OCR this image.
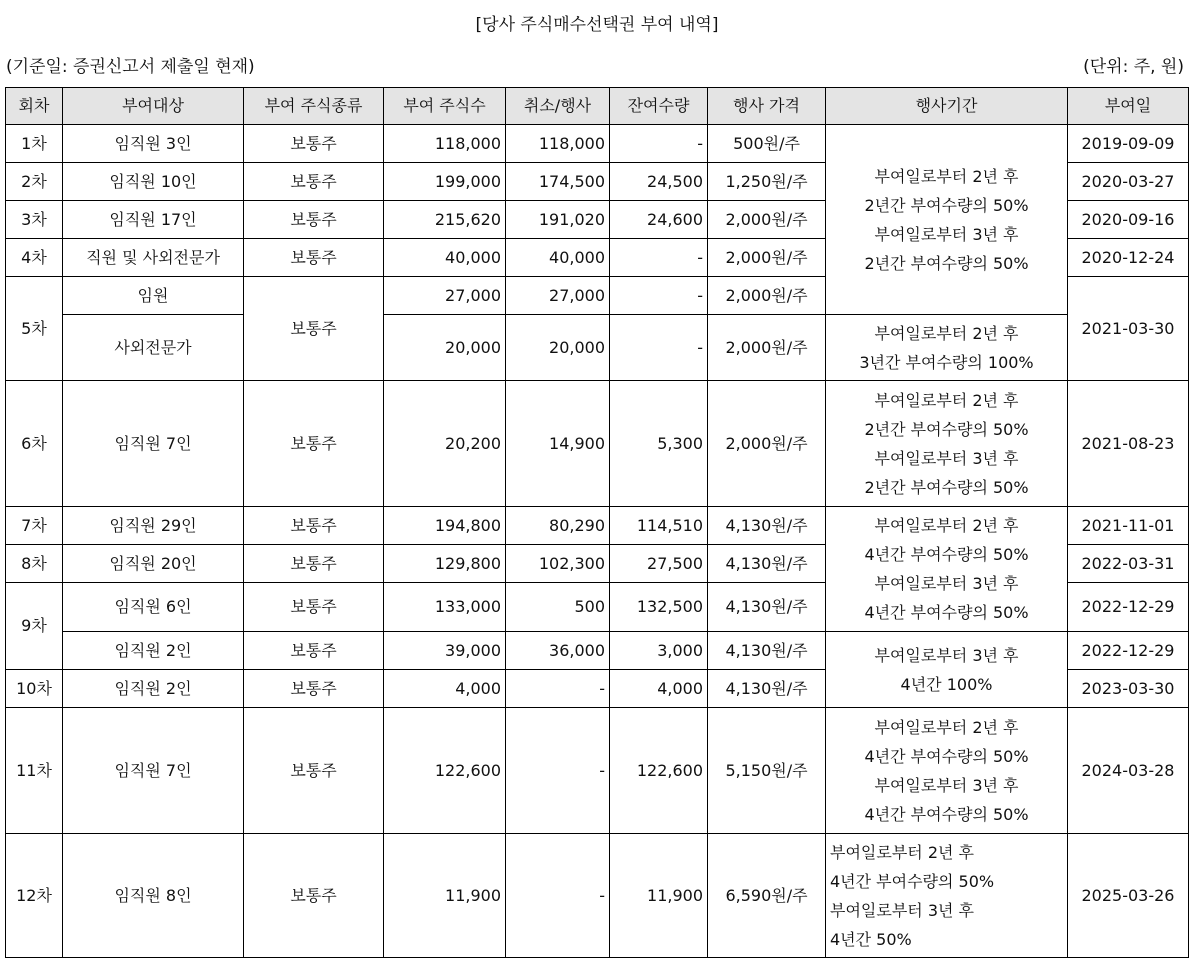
[당사 주식매수선택권 부여 내역]
(기준일: 증권신고서 제출일 현재)	(단위: 주, 원)
회차	부여대상	부여 주식종류	부여 주식수	취소/행사	잔여수량	행사 가격	행사기간	부여일
1차	임직원 3인	보통주	118,000	118,000	-	500원/주	부여일로부터 2년 후
2년간 부여수량의 50%
부여일로부터 3년 후
2년간 부여수량의 50%	2019-09-09
2차	임직원 10인	보통주	199,000	174,500	24,500	1,250원/주		2020-03-27
3차	임직원 17인	보통주	215,620	191,020	24,600	2,000원/주		2020-09-16
4차	직원 및 사외전문가	보통주	40,000	40,000	-	2,000원/주		2020-12-24
5차	임원	보통주	27,000	27,000	-	2,000원/주		2021-03-30
	사외전문가		20,000	20,000	-	2,000원/주	부여일로부터 2년 후
3년간 부여수량의 100%	

6차	임직원 7인	보통주	20,200	14,900	5,300	2,000원/주	부여일로부터 2년 후
2년간 부여수량의 50%
부여일로부터 3년 후
2년간 부여수량의 50%	2021-08-23
7차	임직원 29인	보통주	194,800	80,290	114,510	4,130원/주	부여일로부터 2년 후
4년간 부여수량의 50%
부여일로부터 3년 후
4년간 부여수량의 50%	2021-11-01
8차	임직원 20인	보통주	129,800	102,300	27,500	4,130원/주		2022-03-31
9차	임직원 6인	보통주	133,000	500	132,500	4,130원/주		2022-12-29
	임직원 2인	보통주	39,000	36,000	3,000	4,130원/주	부여일로부터 3년 후
4년간 100%	2022-12-29
10차	임직원 2인	보통주	4,000	-	4,000	4,130원/주		2023-03-30
11차	임직원 7인	보통주	122,600	-	122,600	5,150원/주	부여일로부터 2년 후
4년간 부여수량의 50%
부여일로부터 3년 후
4년간 부여수량의 50%	2024-03-28
12차	임직원 8인	보통주	11,900	-	11,900	6,590원/주	부여일로부터 2년 후
4년간 부여수량의 50%
부여일로부터 3년 후
4년간 50%	2025-03-26
